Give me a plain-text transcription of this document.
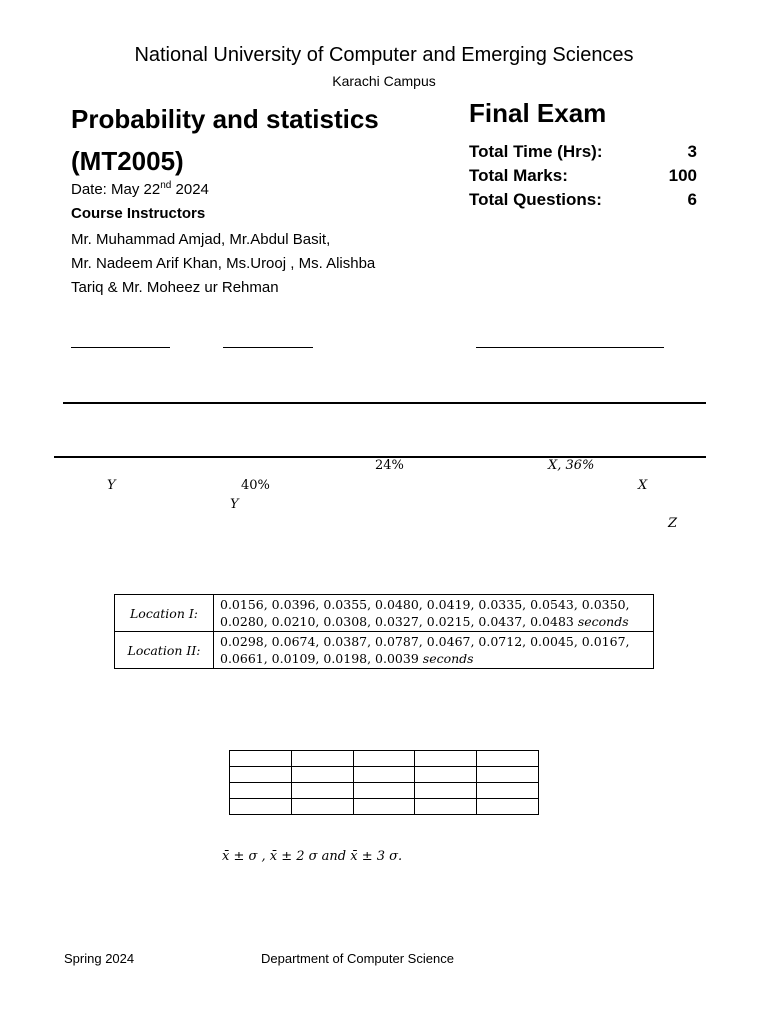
National University of Computer and Emerging Sciences
Karachi Campus
Probability and statistics
(MT2005)
Date: May 22nd 2024
Course Instructors
Mr. Muhammad Amjad, Mr.Abdul Basit,
Mr. Nadeem Arif Khan, Ms.Urooj , Ms. Alishba
Tariq & Mr. Moheez ur Rehman
Final Exam
Total Time (Hrs):	3
Total Marks:	100
Total Questions:	6
24%	X, 36%
Y	40%	X
Y
Z
Location I:	0.0156, 0.0396, 0.0355, 0.0480, 0.0419, 0.0335, 0.0543, 0.0350,
0.0280, 0.0210, 0.0308, 0.0327, 0.0215, 0.0437, 0.0483 seconds

Location II:	0.0298, 0.0674, 0.0387, 0.0787, 0.0467, 0.0712, 0.0045, 0.0167,
0.0661, 0.0109, 0.0198, 0.0039 seconds

x̄ ± σ , x̄ ± 2 σ and x̄ ± 3 σ.
Spring 2024	Department of Computer Science
